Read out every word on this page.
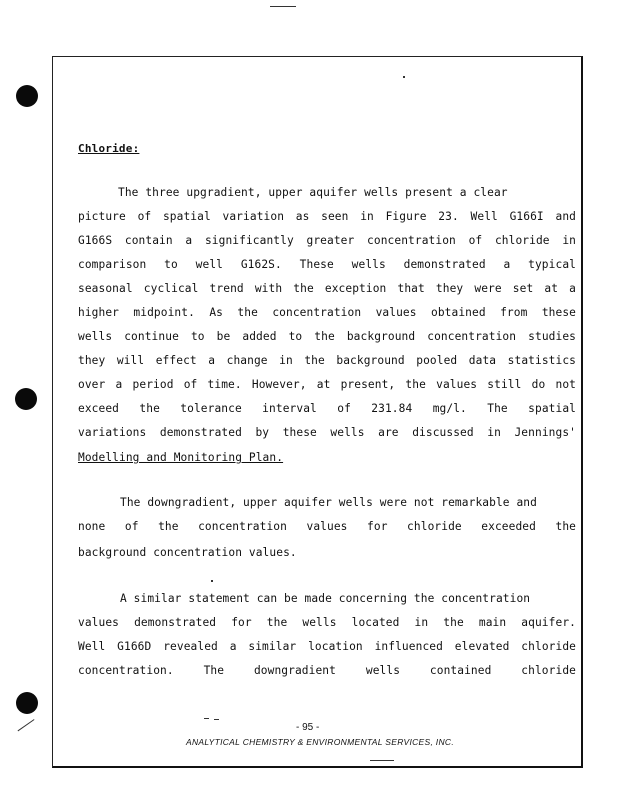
Chloride:
The three upgradient, upper aquifer wells present a clear
picture of spatial variation as seen in Figure 23. Well G166I and
G166S contain a significantly greater concentration of chloride in
comparison to well G162S. These wells demonstrated a typical
seasonal cyclical trend with the exception that they were set at a
higher midpoint. As the concentration values obtained from these
wells continue to be added to the background concentration studies
they will effect a change in the background pooled data statistics
over a period of time. However, at present, the values still do not
exceed the tolerance interval of 231.84 mg/l. The spatial
variations demonstrated by these wells are discussed in Jennings'
Modelling and Monitoring Plan.
The downgradient, upper aquifer wells were not remarkable and
none of the concentration values for chloride exceeded the
background concentration values.
A similar statement can be made concerning the concentration
values demonstrated for the wells located in the main aquifer.
Well G166D revealed a similar location influenced elevated chloride
concentration. The downgradient wells contained chloride
- 95 -
ANALYTICAL CHEMISTRY & ENVIRONMENTAL SERVICES, INC.
